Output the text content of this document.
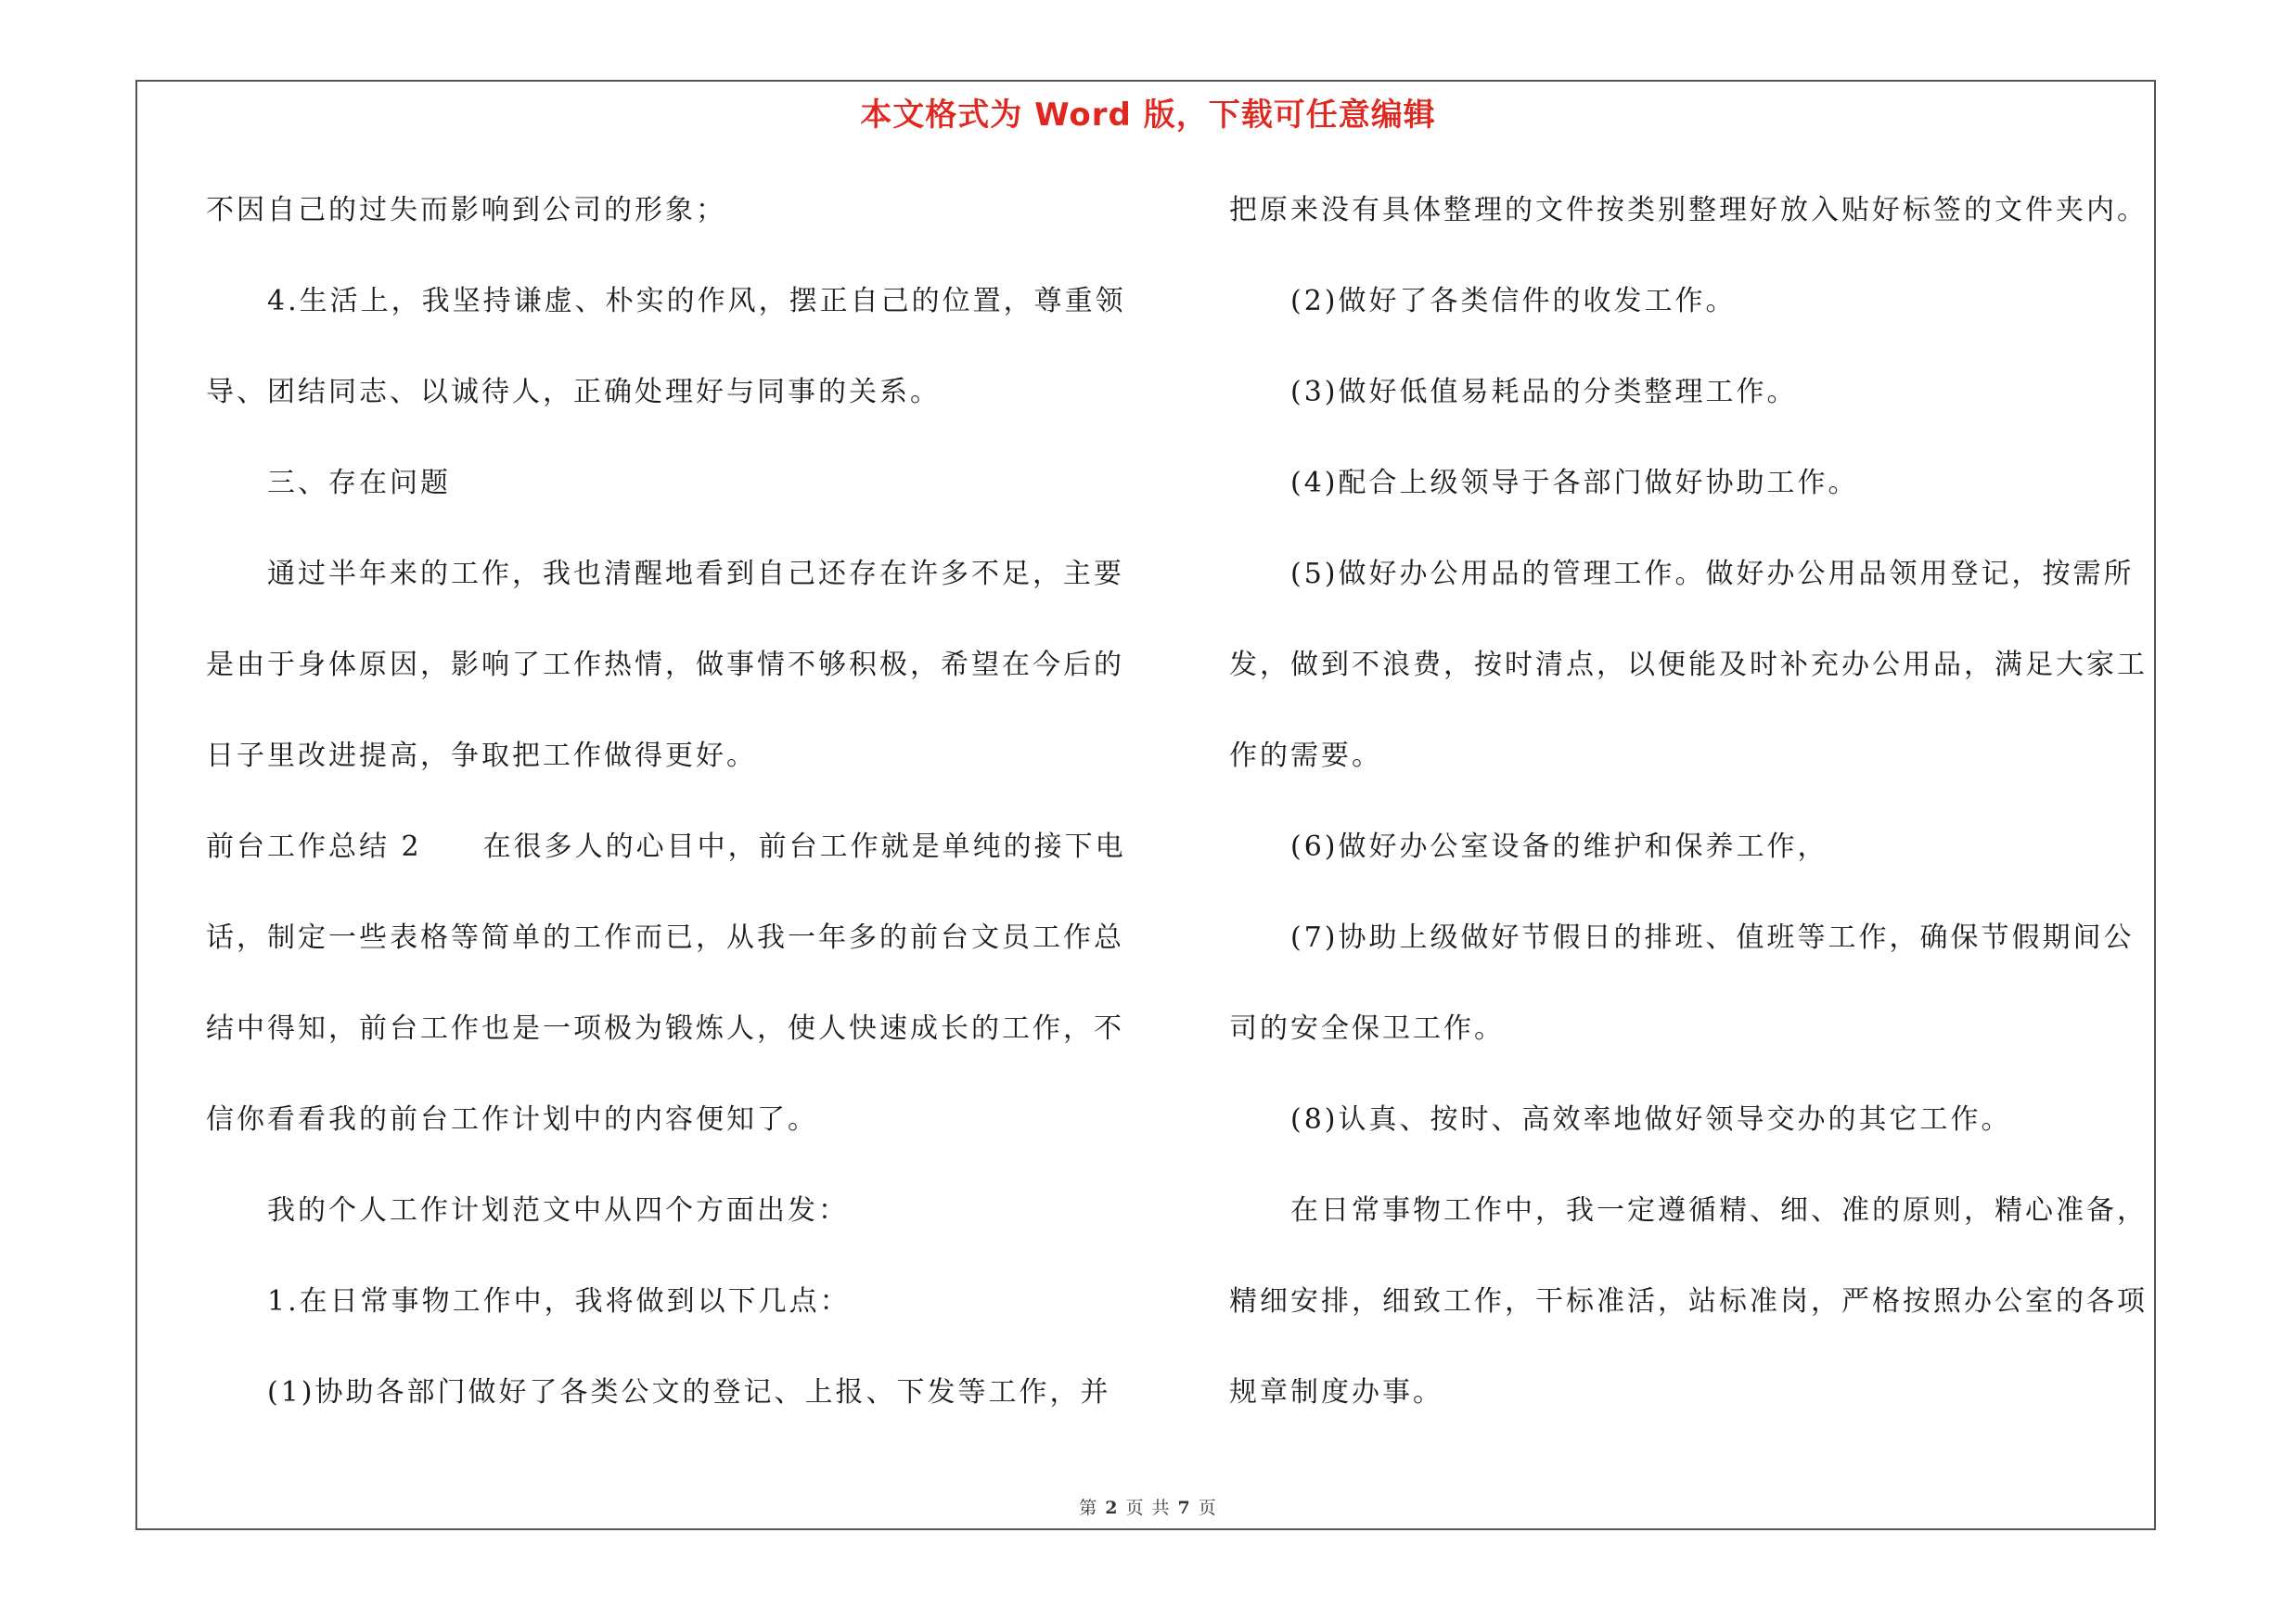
本文格式为 Word 版，下载可任意编辑
不因自己的过失而影响到公司的形象；
4.生活上，我坚持谦虚、朴实的作风，摆正自己的位置，尊重领
导、团结同志、以诚待人，正确处理好与同事的关系。
三、存在问题
通过半年来的工作，我也清醒地看到自己还存在许多不足，主要
是由于身体原因，影响了工作热情，做事情不够积极，希望在今后的
日子里改进提高，争取把工作做得更好。
前台工作总结 2　　在很多人的心目中，前台工作就是单纯的接下电
话，制定一些表格等简单的工作而已，从我一年多的前台文员工作总
结中得知，前台工作也是一项极为锻炼人，使人快速成长的工作，不
信你看看我的前台工作计划中的内容便知了。
我的个人工作计划范文中从四个方面出发：
1.在日常事物工作中，我将做到以下几点：
(1)协助各部门做好了各类公文的登记、上报、下发等工作，并
把原来没有具体整理的文件按类别整理好放入贴好标签的文件夹内。
(2)做好了各类信件的收发工作。
(3)做好低值易耗品的分类整理工作。
(4)配合上级领导于各部门做好协助工作。
(5)做好办公用品的管理工作。做好办公用品领用登记，按需所
发，做到不浪费，按时清点，以便能及时补充办公用品，满足大家工
作的需要。
(6)做好办公室设备的维护和保养工作，
(7)协助上级做好节假日的排班、值班等工作，确保节假期间公
司的安全保卫工作。
(8)认真、按时、高效率地做好领导交办的其它工作。
在日常事物工作中，我一定遵循精、细、准的原则，精心准备，
精细安排，细致工作，干标准活，站标准岗，严格按照办公室的各项
规章制度办事。
第 2 页 共 7 页
